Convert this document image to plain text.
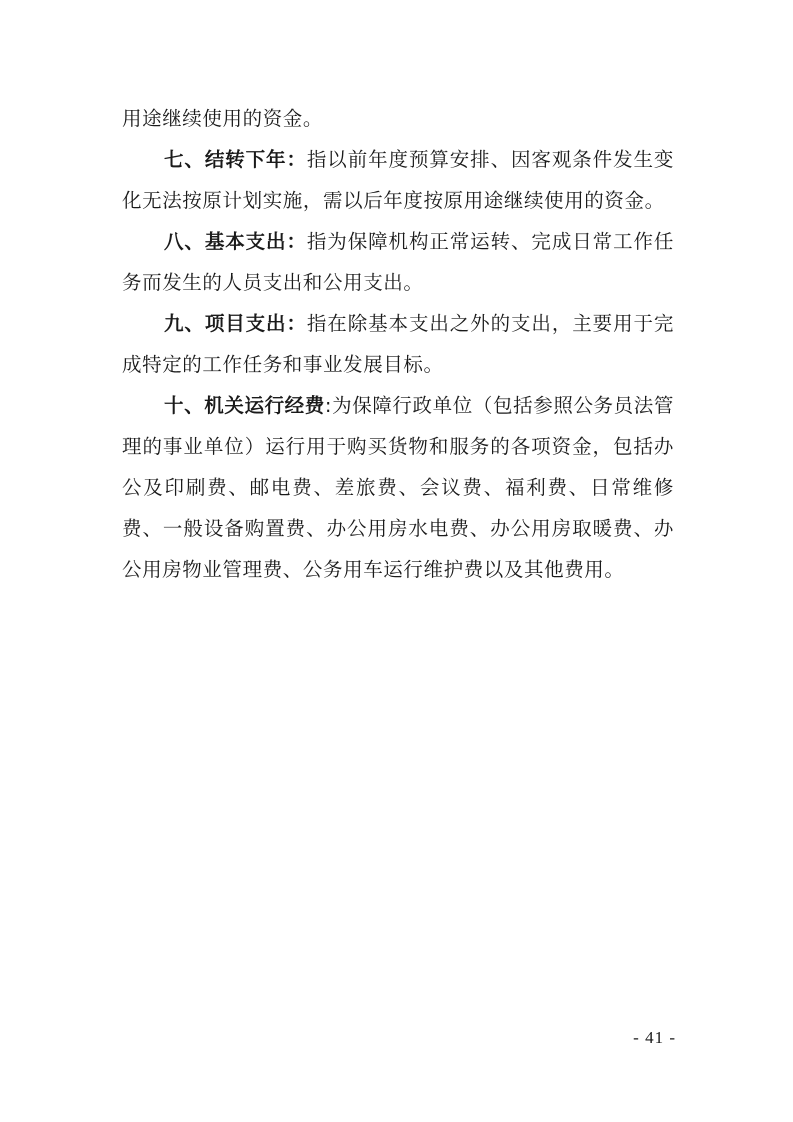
用途继续使用的资金。

七、结转下年：指以前年度预算安排、因客观条件发生变化无法按原计划实施，需以后年度按原用途继续使用的资金。

八、基本支出：指为保障机构正常运转、完成日常工作任务而发生的人员支出和公用支出。

九、项目支出：指在除基本支出之外的支出，主要用于完成特定的工作任务和事业发展目标。

十、机关运行经费:为保障行政单位（包括参照公务员法管理的事业单位）运行用于购买货物和服务的各项资金，包括办公及印刷费、邮电费、差旅费、会议费、福利费、日常维修费、一般设备购置费、办公用房水电费、办公用房取暖费、办公用房物业管理费、公务用车运行维护费以及其他费用。

- 41 -
